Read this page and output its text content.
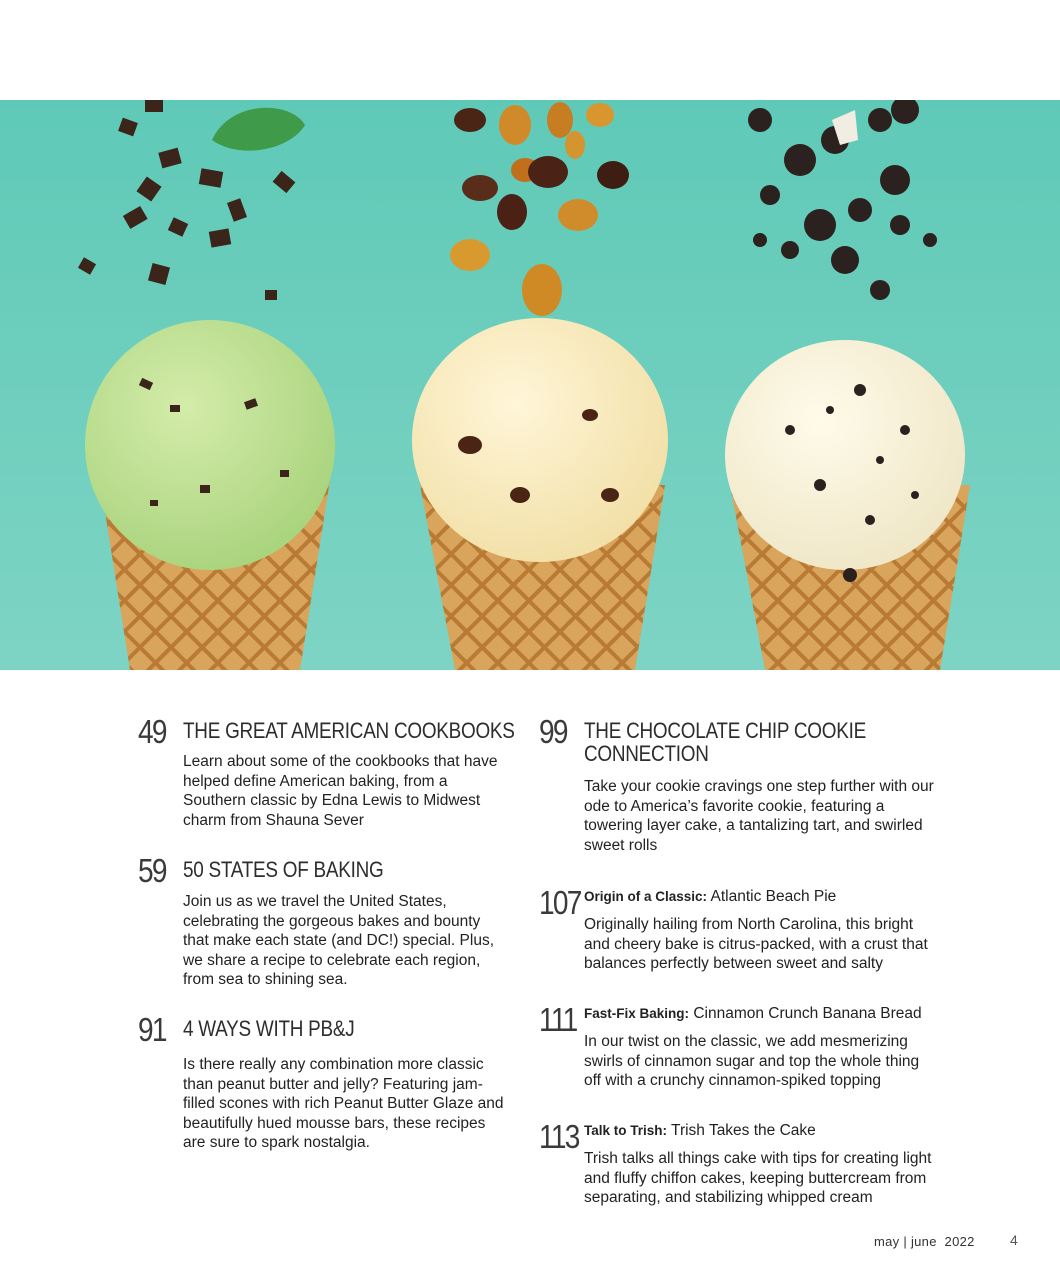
49 THE GREAT AMERICAN COOKBOOKS
Learn about some of the cookbooks that have helped define American baking, from a Southern classic by Edna Lewis to Midwest charm from Shauna Sever
59 50 STATES OF BAKING
Join us as we travel the United States, celebrating the gorgeous bakes and bounty that make each state (and DC!) special. Plus, we share a recipe to celebrate each region, from sea to shining sea.
91 4 WAYS WITH PB&J
Is there really any combination more classic than peanut butter and jelly? Featuring jam-filled scones with rich Peanut Butter Glaze and beautifully hued mousse bars, these recipes are sure to spark nostalgia.
99 THE CHOCOLATE CHIP COOKIE
CONNECTION
Take your cookie cravings one step further with our ode to America’s favorite cookie, featuring a towering layer cake, a tantalizing tart, and swirled sweet rolls
107 Origin of a Classic: Atlantic Beach Pie
Originally hailing from North Carolina, this bright and cheery bake is citrus-packed, with a crust that balances perfectly between sweet and salty
111 Fast-Fix Baking: Cinnamon Crunch Banana Bread
In our twist on the classic, we add mesmerizing swirls of cinnamon sugar and top the whole thing off with a crunchy cinnamon-spiked topping
113 Talk to Trish: Trish Takes the Cake
Trish talks all things cake with tips for creating light and fluffy chiffon cakes, keeping buttercream from separating, and stabilizing whipped cream
may | june  2022	4
